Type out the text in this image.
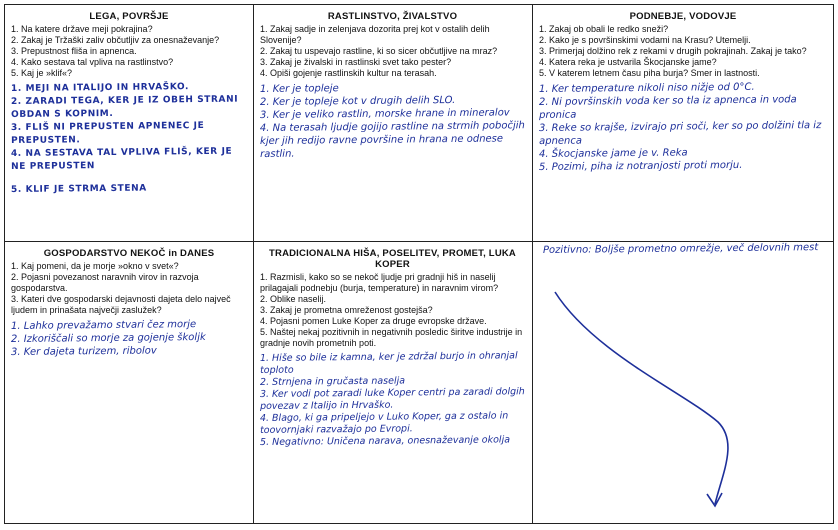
LEGA, POVRŠJE

1. Na katere države meji pokrajina?

2. Zakaj je Tržaški zaliv občutljiv za onesnaževanje?

3. Prepustnost fliša in apnenca.

4. Kako sestava tal vpliva na rastlinstvo?

5. Kaj je »klif«?

1. MEJI NA ITALIJO IN HRVAŠKO.

2. ZARADI TEGA, KER JE IZ OBEH STRANI OBDAN S KOPNIM.

3. FLIŠ NI PREPUSTEN APNENEC JE PREPUSTEN.

4. NA SESTAVA TAL VPLIVA FLIŠ, KER JE NE PREPUSTEN

5. KLIF JE STRMA STENA

RASTLINSTVO, ŽIVALSTVO

1. Zakaj sadje in zelenjava dozorita prej kot v ostalih delih Slovenije?

2. Zakaj tu uspevajo rastline, ki so sicer občutljive na mraz?

3. Zakaj je živalski in rastlinski svet tako pester?

4. Opiši gojenje rastlinskih kultur na terasah.

1. Ker je topleje

2. Ker je topleje kot v drugih delih SLO.

3. Ker je veliko rastlin, morske hrane in mineralov

4. Na terasah ljudje gojijo rastline na strmih pobočjih kjer jih redijo ravne površine in hrana ne odnese rastlin.

PODNEBJE, VODOVJE

1. Zakaj ob obali le redko sneži?

2. Kako je s površinskimi vodami na Krasu? Utemelji.

3. Primerjaj dolžino rek z rekami v drugih pokrajinah. Zakaj je tako?

4. Katera reka je ustvarila Škocjanske jame?

5. V katerem letnem času piha burja? Smer in lastnosti.

1. Ker temperature nikoli niso nižje od 0°C.

2. Ni površinskih voda ker so tla iz apnenca in voda pronica

3. Reke so krajše, izvirajo pri soči, ker so po dolžini tla iz apnenca

4. Škocjanske jame je v. Reka

5. Pozimi, piha iz notranjosti proti morju.

GOSPODARSTVO NEKOČ in DANES

1. Kaj pomeni, da je morje »okno v svet«?

2. Pojasni povezanost naravnih virov in razvoja gospodarstva.

3. Kateri dve gospodarski dejavnosti dajeta delo največ ljudem in prinašata največji zaslužek?

1. Lahko prevažamo stvari čez morje

2. Izkoriščali so morje za gojenje školjk

3. Ker dajeta turizem, ribolov

TRADICIONALNA HIŠA, POSELITEV, PROMET, LUKA KOPER

1. Razmisli, kako so se nekoč ljudje pri gradnji hiš in naselij prilagajali podnebju (burja, temperature) in naravnim virom?

2. Oblike naselij.

3. Zakaj je prometna omreženost gostejša?

4. Pojasni pomen Luke Koper za druge evropske države.

5. Naštej nekaj pozitivnih in negativnih posledic širitve industrije in gradnje novih prometnih poti.

1. Hiše so bile iz kamna, ker je zdržal burjo in ohranjal toploto

2. Strnjena in gručasta naselja

3. Ker vodi pot zaradi luke Koper centri pa zaradi dolgih povezav z Italijo in Hrvaško.

4. Blago, ki ga pripeljejo v Luko Koper, ga z ostalo in toovornjaki razvažajo po Evropi.

5. Negativno: Uničena narava, onesnaževanje okolja

Pozitivno: Boljše prometno omrežje, več delovnih mest
